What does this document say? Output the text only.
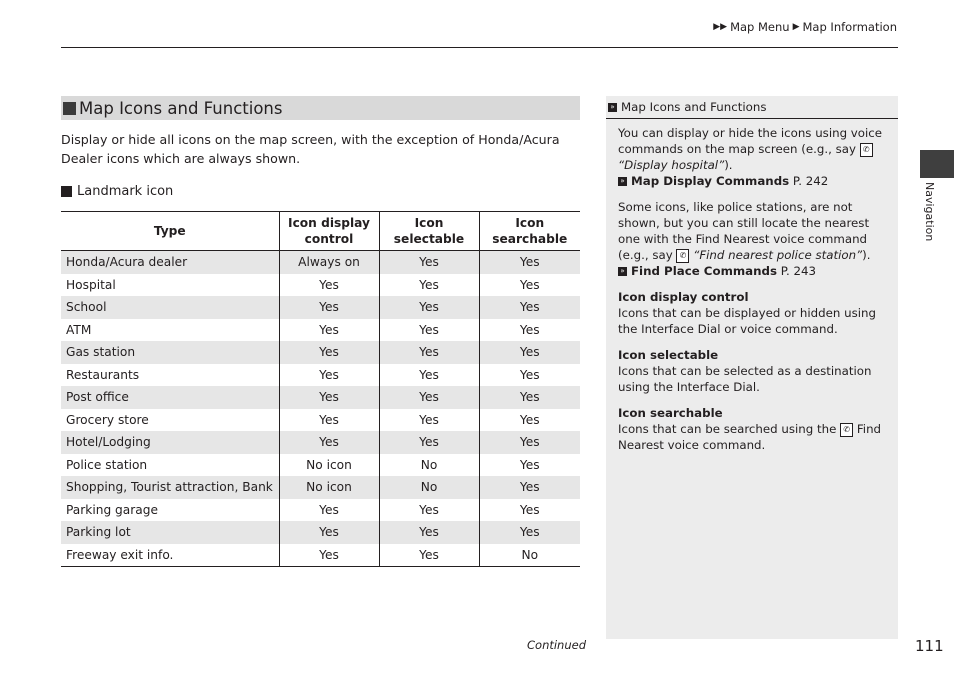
▶▶ Map Menu ▶ Map Information
Map Icons and Functions
Display or hide all icons on the map screen, with the exception of Honda/Acura Dealer icons which are always shown.
Landmark icon
Type	Icon display control	Icon selectable	Icon searchable
Honda/Acura dealer	Always on	Yes	Yes
Hospital	Yes	Yes	Yes
School	Yes	Yes	Yes
ATM	Yes	Yes	Yes
Gas station	Yes	Yes	Yes
Restaurants	Yes	Yes	Yes
Post office	Yes	Yes	Yes
Grocery store	Yes	Yes	Yes
Hotel/Lodging	Yes	Yes	Yes
Police station	No icon	No	Yes
Shopping, Tourist attraction, Bank	No icon	No	Yes
Parking garage	Yes	Yes	Yes
Parking lot	Yes	Yes	Yes
Freeway exit info.	Yes	Yes	No
» Map Icons and Functions

You can display or hide the icons using voice commands on the map screen (e.g., say ✆ “Display hospital”).
» Map Display Commands P. 242

Some icons, like police stations, are not shown, but you can still locate the nearest one with the Find Nearest voice command (e.g., say ✆ “Find nearest police station”).
» Find Place Commands P. 243

Icon display control
Icons that can be displayed or hidden using the Interface Dial or voice command.

Icon selectable
Icons that can be selected as a destination using the Interface Dial.

Icon searchable
Icons that can be searched using the ✆ Find Nearest voice command.

Navigation
Continued	111
